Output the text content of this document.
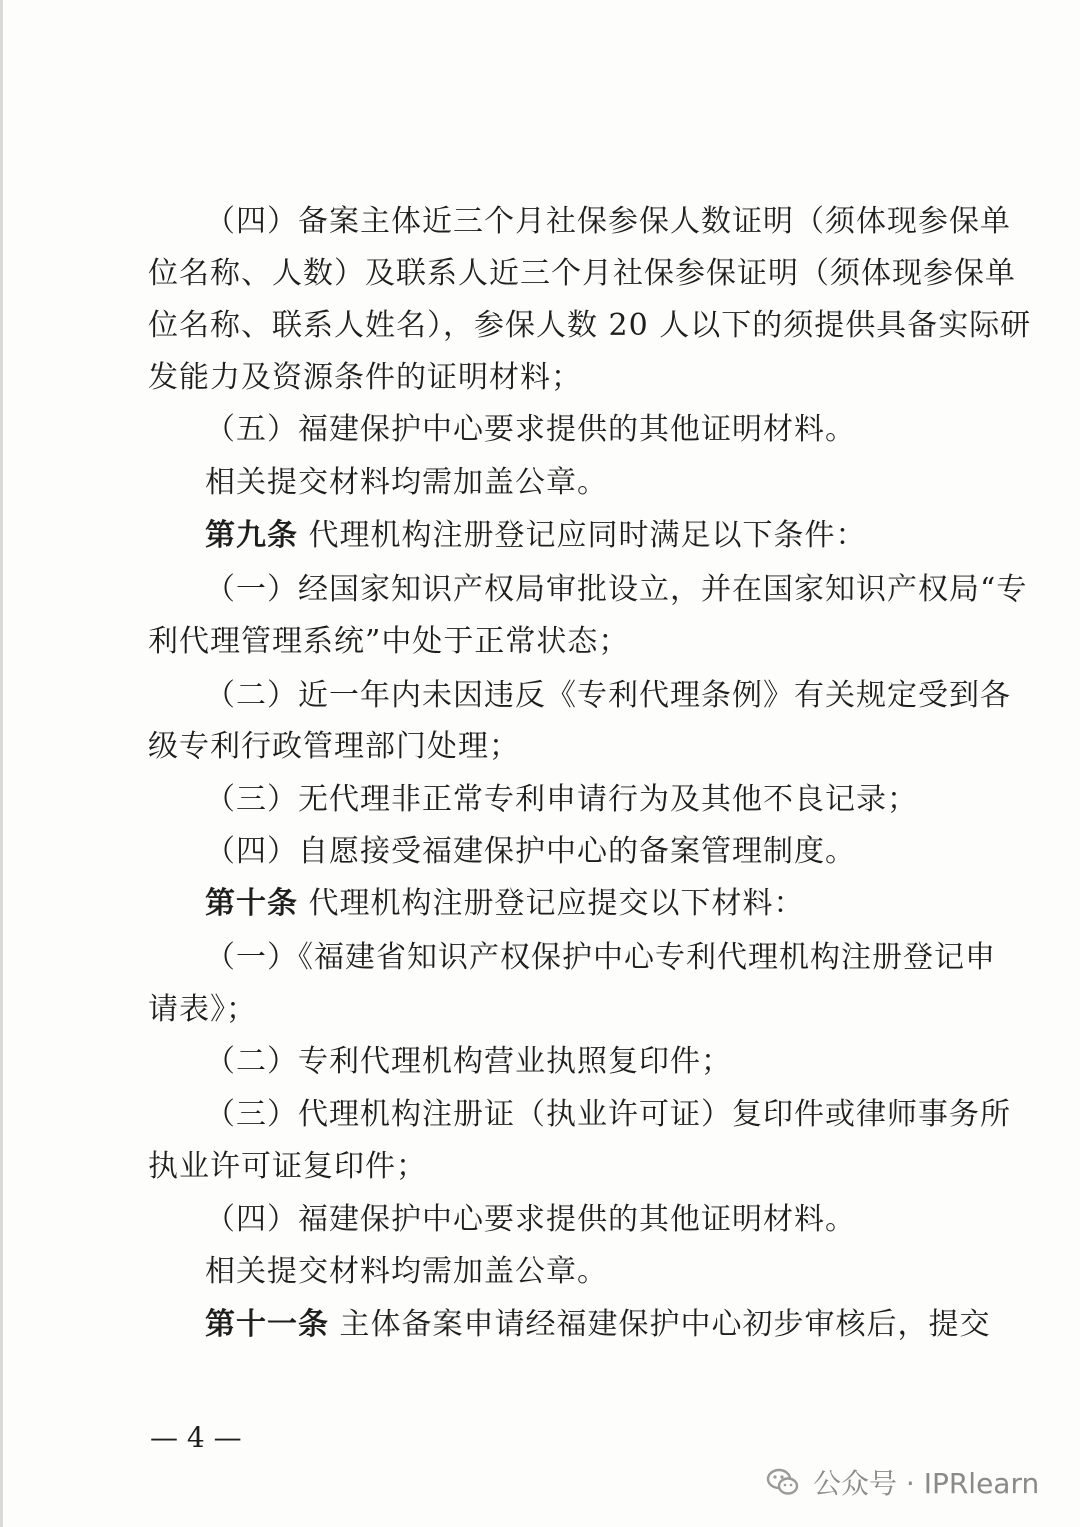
（四）备案主体近三个月社保参保人数证明（须体现参保单
位名称、人数）及联系人近三个月社保参保证明（须体现参保单
位名称、联系人姓名），参保人数 20 人以下的须提供具备实际研
发能力及资源条件的证明材料；
（五）福建保护中心要求提供的其他证明材料。
相关提交材料均需加盖公章。
第九条 代理机构注册登记应同时满足以下条件：
（一）经国家知识产权局审批设立，并在国家知识产权局“专
利代理管理系统”中处于正常状态；
（二）近一年内未因违反《专利代理条例》有关规定受到各
级专利行政管理部门处理；
（三）无代理非正常专利申请行为及其他不良记录；
（四）自愿接受福建保护中心的备案管理制度。
第十条 代理机构注册登记应提交以下材料：
（一）《福建省知识产权保护中心专利代理机构注册登记申
请表》；
（二）专利代理机构营业执照复印件；
（三）代理机构注册证（执业许可证）复印件或律师事务所
执业许可证复印件；
（四）福建保护中心要求提供的其他证明材料。
相关提交材料均需加盖公章。
第十一条 主体备案申请经福建保护中心初步审核后，提交
— 4 —
公众号 · IPRlearn
